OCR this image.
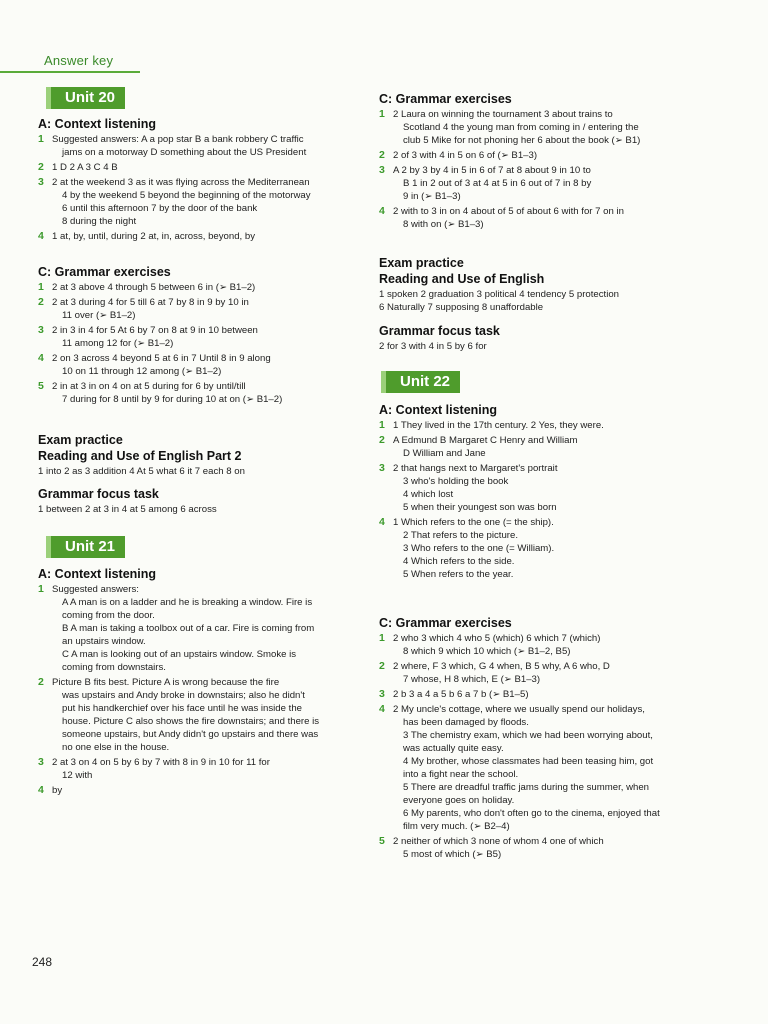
Answer key
Unit 20
A: Context listening
1 Suggested answers: A a pop star B a bank robbery C traffic
jams on a motorway D something about the US President
2 1 D 2 A 3 C 4 B
3 2 at the weekend 3 as it was flying across the Mediterranean
4 by the weekend 5 beyond the beginning of the motorway
6 until this afternoon 7 by the door of the bank
8 during the night
4 1 at, by, until, during 2 at, in, across, beyond, by
C: Grammar exercises
1 2 at 3 above 4 through 5 between 6 in (➢ B1–2)
2 2 at 3 during 4 for 5 till 6 at 7 by 8 in 9 by 10 in
11 over (➢ B1–2)
3 2 in 3 in 4 for 5 At 6 by 7 on 8 at 9 in 10 between
11 among 12 for (➢ B1–2)
4 2 on 3 across 4 beyond 5 at 6 in 7 Until 8 in 9 along
10 on 11 through 12 among (➢ B1–2)
5 2 in at 3 in on 4 on at 5 during for 6 by until/till
7 during for 8 until by 9 for during 10 at on (➢ B1–2)
Exam practice
Reading and Use of English Part 2
1 into 2 as 3 addition 4 At 5 what 6 it 7 each 8 on
Grammar focus task
1 between 2 at 3 in 4 at 5 among 6 across
Unit 21
A: Context listening
1 Suggested answers:
A A man is on a ladder and he is breaking a window. Fire is
coming from the door.
B A man is taking a toolbox out of a car. Fire is coming from
an upstairs window.
C A man is looking out of an upstairs window. Smoke is
coming from downstairs.
2 Picture B fits best. Picture A is wrong because the fire
was upstairs and Andy broke in downstairs; also he didn't
put his handkerchief over his face until he was inside the
house. Picture C also shows the fire downstairs; and there is
someone upstairs, but Andy didn't go upstairs and there was
no one else in the house.
3 2 at 3 on 4 on 5 by 6 by 7 with 8 in 9 in 10 for 11 for
12 with
4 by
248
C: Grammar exercises
1 2 Laura on winning the tournament 3 about trains to
Scotland 4 the young man from coming in / entering the
club 5 Mike for not phoning her 6 about the book (➢ B1)
2 2 of 3 with 4 in 5 on 6 of (➢ B1–3)
3 A 2 by 3 by 4 in 5 in 6 of 7 at 8 about 9 in 10 to
B 1 in 2 out of 3 at 4 at 5 in 6 out of 7 in 8 by
9 in (➢ B1–3)
4 2 with to 3 in on 4 about of 5 of about 6 with for 7 on in
8 with on (➢ B1–3)
Exam practice
Reading and Use of English
1 spoken 2 graduation 3 political 4 tendency 5 protection
6 Naturally 7 supposing 8 unaffordable
Grammar focus task
2 for 3 with 4 in 5 by 6 for
Unit 22
A: Context listening
1 1 They lived in the 17th century. 2 Yes, they were.
2 A Edmund B Margaret C Henry and William
D William and Jane
3 2 that hangs next to Margaret's portrait
3 who's holding the book
4 which lost
5 when their youngest son was born
4 1 Which refers to the one (= the ship).
2 That refers to the picture.
3 Who refers to the one (= William).
4 Which refers to the side.
5 When refers to the year.
C: Grammar exercises
1 2 who 3 which 4 who 5 (which) 6 which 7 (which)
8 which 9 which 10 which (➢ B1–2, B5)
2 2 where, F 3 which, G 4 when, B 5 why, A 6 who, D
7 whose, H 8 which, E (➢ B1–3)
3 2 b 3 a 4 a 5 b 6 a 7 b (➢ B1–5)
4 2 My uncle's cottage, where we usually spend our holidays,
has been damaged by floods.
3 The chemistry exam, which we had been worrying about,
was actually quite easy.
4 My brother, whose classmates had been teasing him, got
into a fight near the school.
5 There are dreadful traffic jams during the summer, when
everyone goes on holiday.
6 My parents, who don't often go to the cinema, enjoyed that
film very much. (➢ B2–4)
5 2 neither of which 3 none of whom 4 one of which
5 most of which (➢ B5)
